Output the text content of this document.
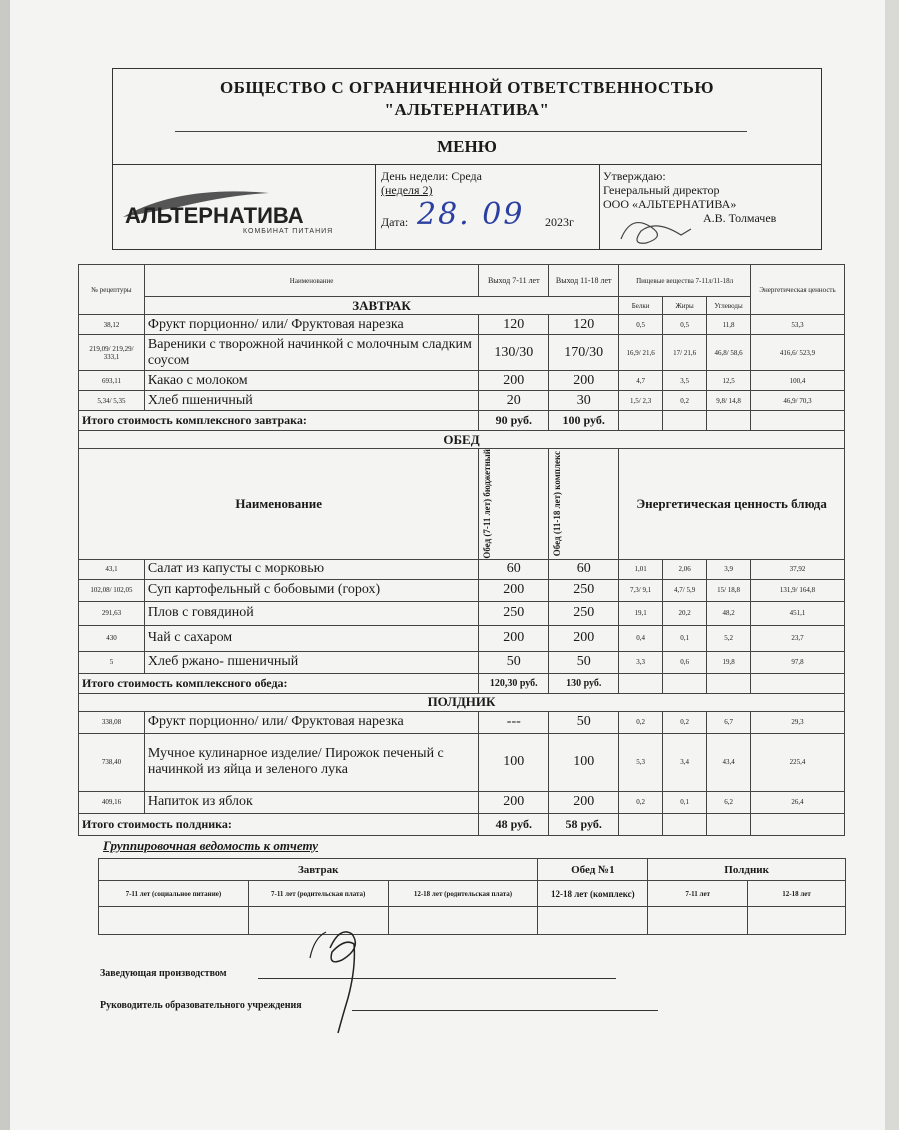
ОБЩЕСТВО С ОГРАНИЧЕННОЙ ОТВЕТСТВЕННОСТЬЮ
"АЛЬТЕРНАТИВА"
МЕНЮ
АЛЬТЕРНАТИВА
КОМБИНАТ ПИТАНИЯ
День недели: Среда
(неделя 2)
Дата: 28. 09 2023г
Утверждаю:
Генеральный директор
ООО «АЛЬТЕРНАТИВА»
А.В. Толмачев
№ рецептуры	Наименование	Выход 7-11 лет	Выход 11-18 лет	Пищевые вещества 7-11л/11-18л			Энергетическая ценность
	ЗАВТРАК			Белки	Жиры	Углеводы	
38,12	Фрукт порционно/ или/ Фруктовая нарезка	120	120	0,5	0,5	11,8	53,3
219,09/ 219,29/ 333,1	Вареники с творожной начинкой с молочным сладким соусом	130/30	170/30	16,9/ 21,6	17/ 21,6	46,8/ 58,6	416,6/ 523,9
693,11	Какао с молоком	200	200	4,7	3,5	12,5	100,4
5,34/ 5,35	Хлеб пшеничный	20	30	1,5/ 2,3	0,2	9,8/ 14,8	46,9/ 70,3
Итого стоимость комплексного завтрака:		90 руб.	100 руб.				
ОБЕД							
Наименование		Обед (7-11 лет) бюджетный	Обед (11-18 лет) комплекс	Энергетическая ценность блюда			
43,1	Салат из капусты с морковью	60	60	1,01	2,06	3,9	37,92
102,08/ 102,05	Суп картофельный с бобовыми (горох)	200	250	7,3/ 9,1	4,7/ 5,9	15/ 18,8	131,9/ 164,8
291,63	Плов с говядиной	250	250	19,1	20,2	48,2	451,1
430	Чай с сахаром	200	200	0,4	0,1	5,2	23,7
5	Хлеб ржано- пшеничный	50	50	3,3	0,6	19,8	97,8
Итого стоимость комплексного обеда:		120,30 руб.	130 руб.				
ПОЛДНИК							
338,08	Фрукт порционно/ или/ Фруктовая нарезка	---	50	0,2	0,2	6,7	29,3
738,40	Мучное кулинарное изделие/ Пирожок печеный с начинкой из яйца и зеленого лука	100	100	5,3	3,4	43,4	225,4
409,16	Напиток из яблок	200	200	0,2	0,1	6,2	26,4
Итого стоимость полдника:		48 руб.	58 руб.				
Группировочная ведомость к отчету
Завтрак			Обед №1	Полдник	
7-11 лет (социальное питание)	7-11 лет (родительская плата)	12-18 лет (родительская плата)	12-18 лет (комплекс)	7-11 лет	12-18 лет

Заведующая производством
Руководитель образовательного учреждения
